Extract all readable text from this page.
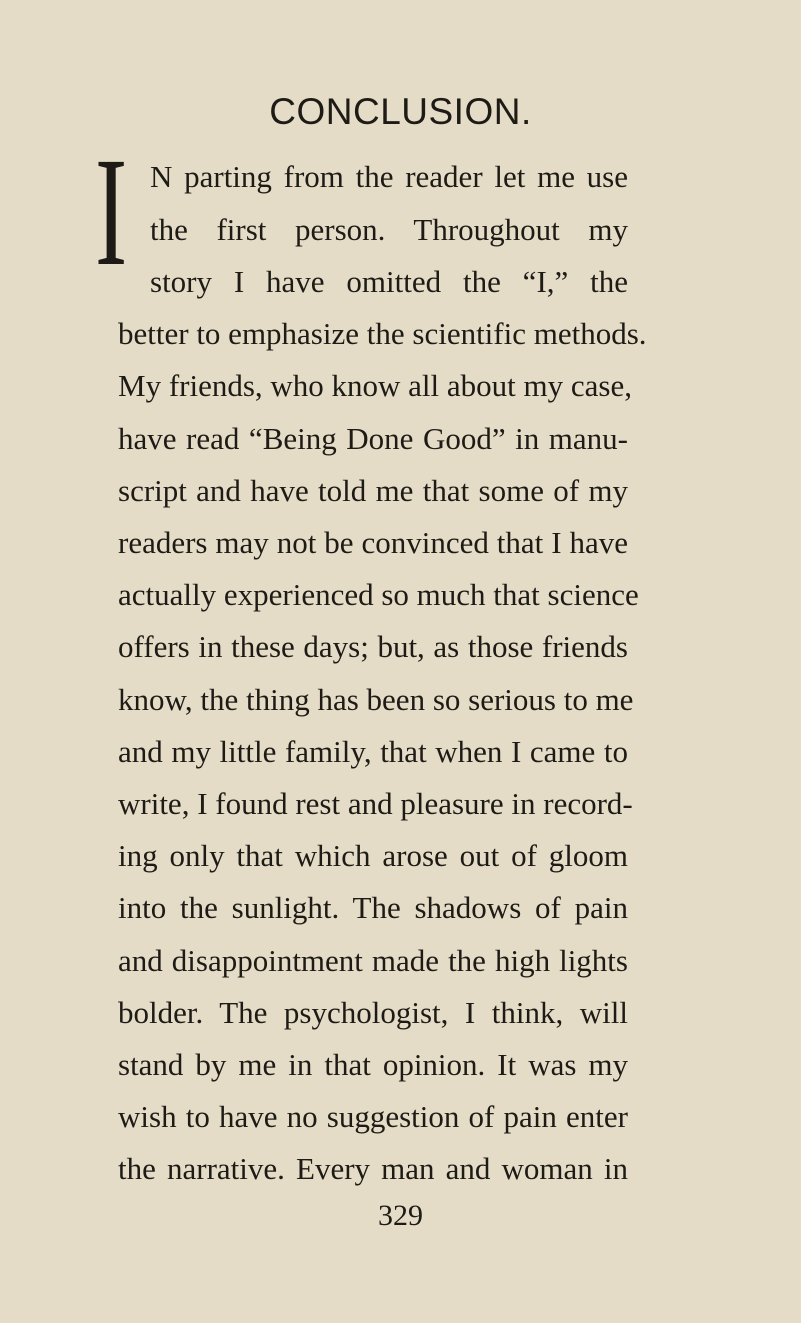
CONCLUSION.
I N parting from the reader let me use
the first person. Throughout my
story I have omitted the “I,” the
better to emphasize the scientific methods.
My friends, who know all about my case,
have read “Being Done Good” in manu-
script and have told me that some of my
readers may not be convinced that I have
actually experienced so much that science
offers in these days; but, as those friends
know, the thing has been so serious to me
and my little family, that when I came to
write, I found rest and pleasure in record-
ing only that which arose out of gloom
into the sunlight. The shadows of pain
and disappointment made the high lights
bolder. The psychologist, I think, will
stand by me in that opinion. It was my
wish to have no suggestion of pain enter
the narrative. Every man and woman in
329
